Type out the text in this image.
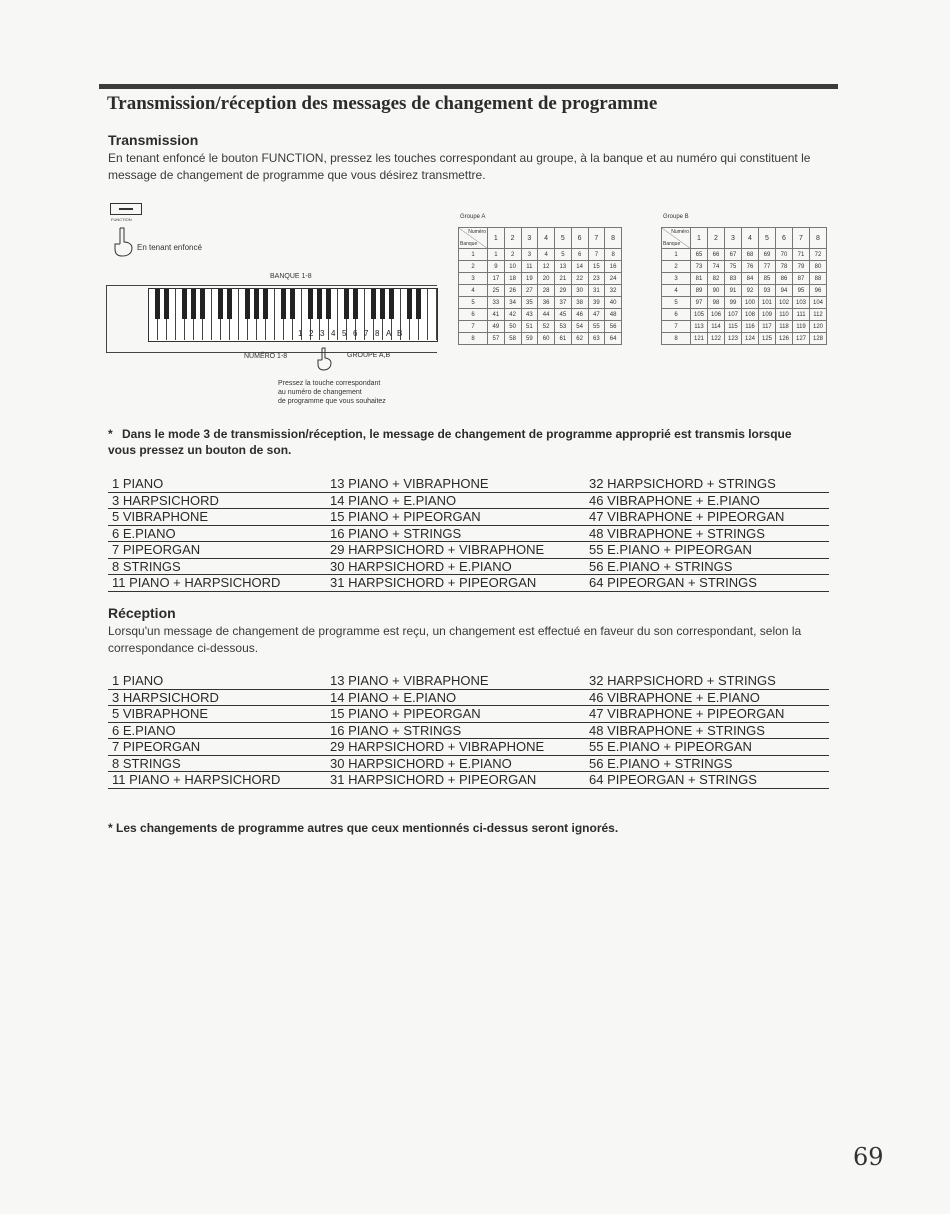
Transmission/réception des messages de changement de programme
Transmission

En tenant enfoncé le bouton FUNCTION, pressez les touches correspondant au groupe, à la banque et au numéro qui constituent le message de changement de programme que vous désirez transmettre.

FUNCTION
En tenant enfoncé
BANQUE 1-8
1 2 3 4 5 6 7 8 A B
NUMÉRO 1-8	GROUPE A,B
Pressez la touche correspondant
au numéro de changement
de programme que vous souhaitez
Groupe A
Numéro
Banque	1	2	3	4	5	6	7	8
1	1	2	3	4	5	6	7	8
2	9	10	11	12	13	14	15	16
3	17	18	19	20	21	22	23	24
4	25	26	27	28	29	30	31	32
5	33	34	35	36	37	38	39	40
6	41	42	43	44	45	46	47	48
7	49	50	51	52	53	54	55	56
8	57	58	59	60	61	62	63	64
Groupe B
Numéro
Banque	1	2	3	4	5	6	7	8
1	65	66	67	68	69	70	71	72
2	73	74	75	76	77	78	79	80
3	81	82	83	84	85	86	87	88
4	89	90	91	92	93	94	95	96
5	97	98	99	100	101	102	103	104
6	105	106	107	108	109	110	111	112
7	113	114	115	116	117	118	119	120
8	121	122	123	124	125	126	127	128

* Dans le mode 3 de transmission/réception, le message de changement de programme approprié est transmis lorsque vous pressez un bouton de son.

1 PIANO	13 PIANO + VIBRAPHONE	32 HARPSICHORD + STRINGS
3 HARPSICHORD	14 PIANO + E.PIANO	46 VIBRAPHONE + E.PIANO
5 VIBRAPHONE	15 PIANO + PIPEORGAN	47 VIBRAPHONE + PIPEORGAN
6 E.PIANO	16 PIANO + STRINGS	48 VIBRAPHONE + STRINGS
7 PIPEORGAN	29 HARPSICHORD + VIBRAPHONE	55 E.PIANO + PIPEORGAN
8 STRINGS	30 HARPSICHORD + E.PIANO	56 E.PIANO + STRINGS
11 PIANO + HARPSICHORD	31 HARPSICHORD + PIPEORGAN	64 PIPEORGAN + STRINGS
Réception

Lorsqu'un message de changement de programme est reçu, un changement est effectué en faveur du son correspondant, selon la correspondance ci-dessous.

1 PIANO	13 PIANO + VIBRAPHONE	32 HARPSICHORD + STRINGS
3 HARPSICHORD	14 PIANO + E.PIANO	46 VIBRAPHONE + E.PIANO
5 VIBRAPHONE	15 PIANO + PIPEORGAN	47 VIBRAPHONE + PIPEORGAN
6 E.PIANO	16 PIANO + STRINGS	48 VIBRAPHONE + STRINGS
7 PIPEORGAN	29 HARPSICHORD + VIBRAPHONE	55 E.PIANO + PIPEORGAN
8 STRINGS	30 HARPSICHORD + E.PIANO	56 E.PIANO + STRINGS
11 PIANO + HARPSICHORD	31 HARPSICHORD + PIPEORGAN	64 PIPEORGAN + STRINGS

* Les changements de programme autres que ceux mentionnés ci-dessus seront ignorés.

69
